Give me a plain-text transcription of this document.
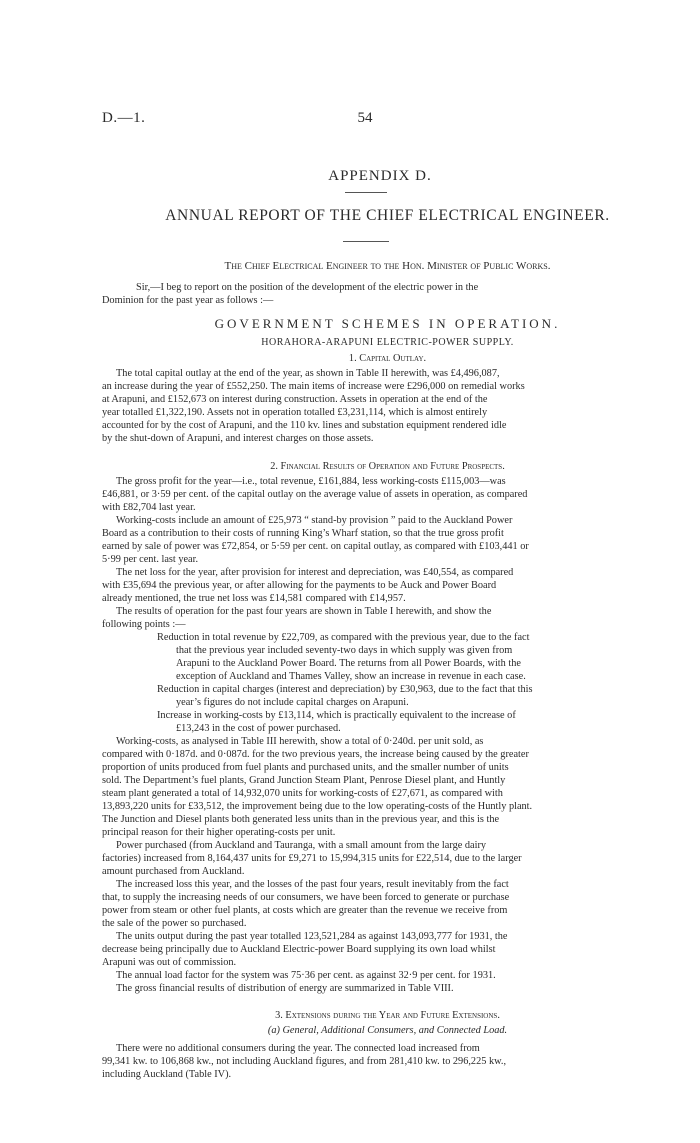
D.—1.	54
APPENDIX D.
ANNUAL REPORT OF THE CHIEF ELECTRICAL ENGINEER.
The Chief Electrical Engineer to the Hon. Minister of Public Works.
Sir,—I beg to report on the position of the development of the electric power in the
Dominion for the past year as follows :—
GOVERNMENT SCHEMES IN OPERATION.
HORAHORA-ARAPUNI ELECTRIC-POWER SUPPLY.
1. Capital Outlay.
The total capital outlay at the end of the year, as shown in Table II herewith, was £4,496,087,
an increase during the year of £552,250. The main items of increase were £296,000 on remedial works
at Arapuni, and £152,673 on interest during construction. Assets in operation at the end of the
year totalled £1,322,190. Assets not in operation totalled £3,231,114, which is almost entirely
accounted for by the cost of Arapuni, and the 110 kv. lines and substation equipment rendered idle
by the shut-down of Arapuni, and interest charges on those assets.
2. Financial Results of Operation and Future Prospects.
The gross profit for the year—i.e., total revenue, £161,884, less working-costs £115,003—was
£46,881, or 3·59 per cent. of the capital outlay on the average value of assets in operation, as compared
with £82,704 last year.
Working-costs include an amount of £25,973 “ stand-by provision ” paid to the Auckland Power
Board as a contribution to their costs of running King’s Wharf station, so that the true gross profit
earned by sale of power was £72,854, or 5·59 per cent. on capital outlay, as compared with £103,441 or
5·99 per cent. last year.
The net loss for the year, after provision for interest and depreciation, was £40,554, as compared
with £35,694 the previous year, or after allowing for the payments to be Auck and Power Board
already mentioned, the true net loss was £14,581 compared with £14,957.
The results of operation for the past four years are shown in Table I herewith, and show the
following points :—
Reduction in total revenue by £22,709, as compared with the previous year, due to the fact
that the previous year included seventy-two days in which supply was given from
Arapuni to the Auckland Power Board. The returns from all Power Boards, with the
exception of Auckland and Thames Valley, show an increase in revenue in each case.
Reduction in capital charges (interest and depreciation) by £30,963, due to the fact that this
year’s figures do not include capital charges on Arapuni.
Increase in working-costs by £13,114, which is practically equivalent to the increase of
£13,243 in the cost of power purchased.
Working-costs, as analysed in Table III herewith, show a total of 0·240d. per unit sold, as
compared with 0·187d. and 0·087d. for the two previous years, the increase being caused by the greater
proportion of units produced from fuel plants and purchased units, and the smaller number of units
sold. The Department’s fuel plants, Grand Junction Steam Plant, Penrose Diesel plant, and Huntly
steam plant generated a total of 14,932,070 units for working-costs of £27,671, as compared with
13,893,220 units for £33,512, the improvement being due to the low operating-costs of the Huntly plant.
The Junction and Diesel plants both generated less units than in the previous year, and this is the
principal reason for their higher operating-costs per unit.
Power purchased (from Auckland and Tauranga, with a small amount from the large dairy
factories) increased from 8,164,437 units for £9,271 to 15,994,315 units for £22,514, due to the larger
amount purchased from Auckland.
The increased loss this year, and the losses of the past four years, result inevitably from the fact
that, to supply the increasing needs of our consumers, we have been forced to generate or purchase
power from steam or other fuel plants, at costs which are greater than the revenue we receive from
the sale of the power so purchased.
The units output during the past year totalled 123,521,284 as against 143,093,777 for 1931, the
decrease being principally due to Auckland Electric-power Board supplying its own load whilst
Arapuni was out of commission.
The annual load factor for the system was 75·36 per cent. as against 32·9 per cent. for 1931.
The gross financial results of distribution of energy are summarized in Table VIII.
3. Extensions during the Year and Future Extensions.
(a) General, Additional Consumers, and Connected Load.
There were no additional consumers during the year. The connected load increased from
99,341 kw. to 106,868 kw., not including Auckland figures, and from 281,410 kw. to 296,225 kw.,
including Auckland (Table IV).
